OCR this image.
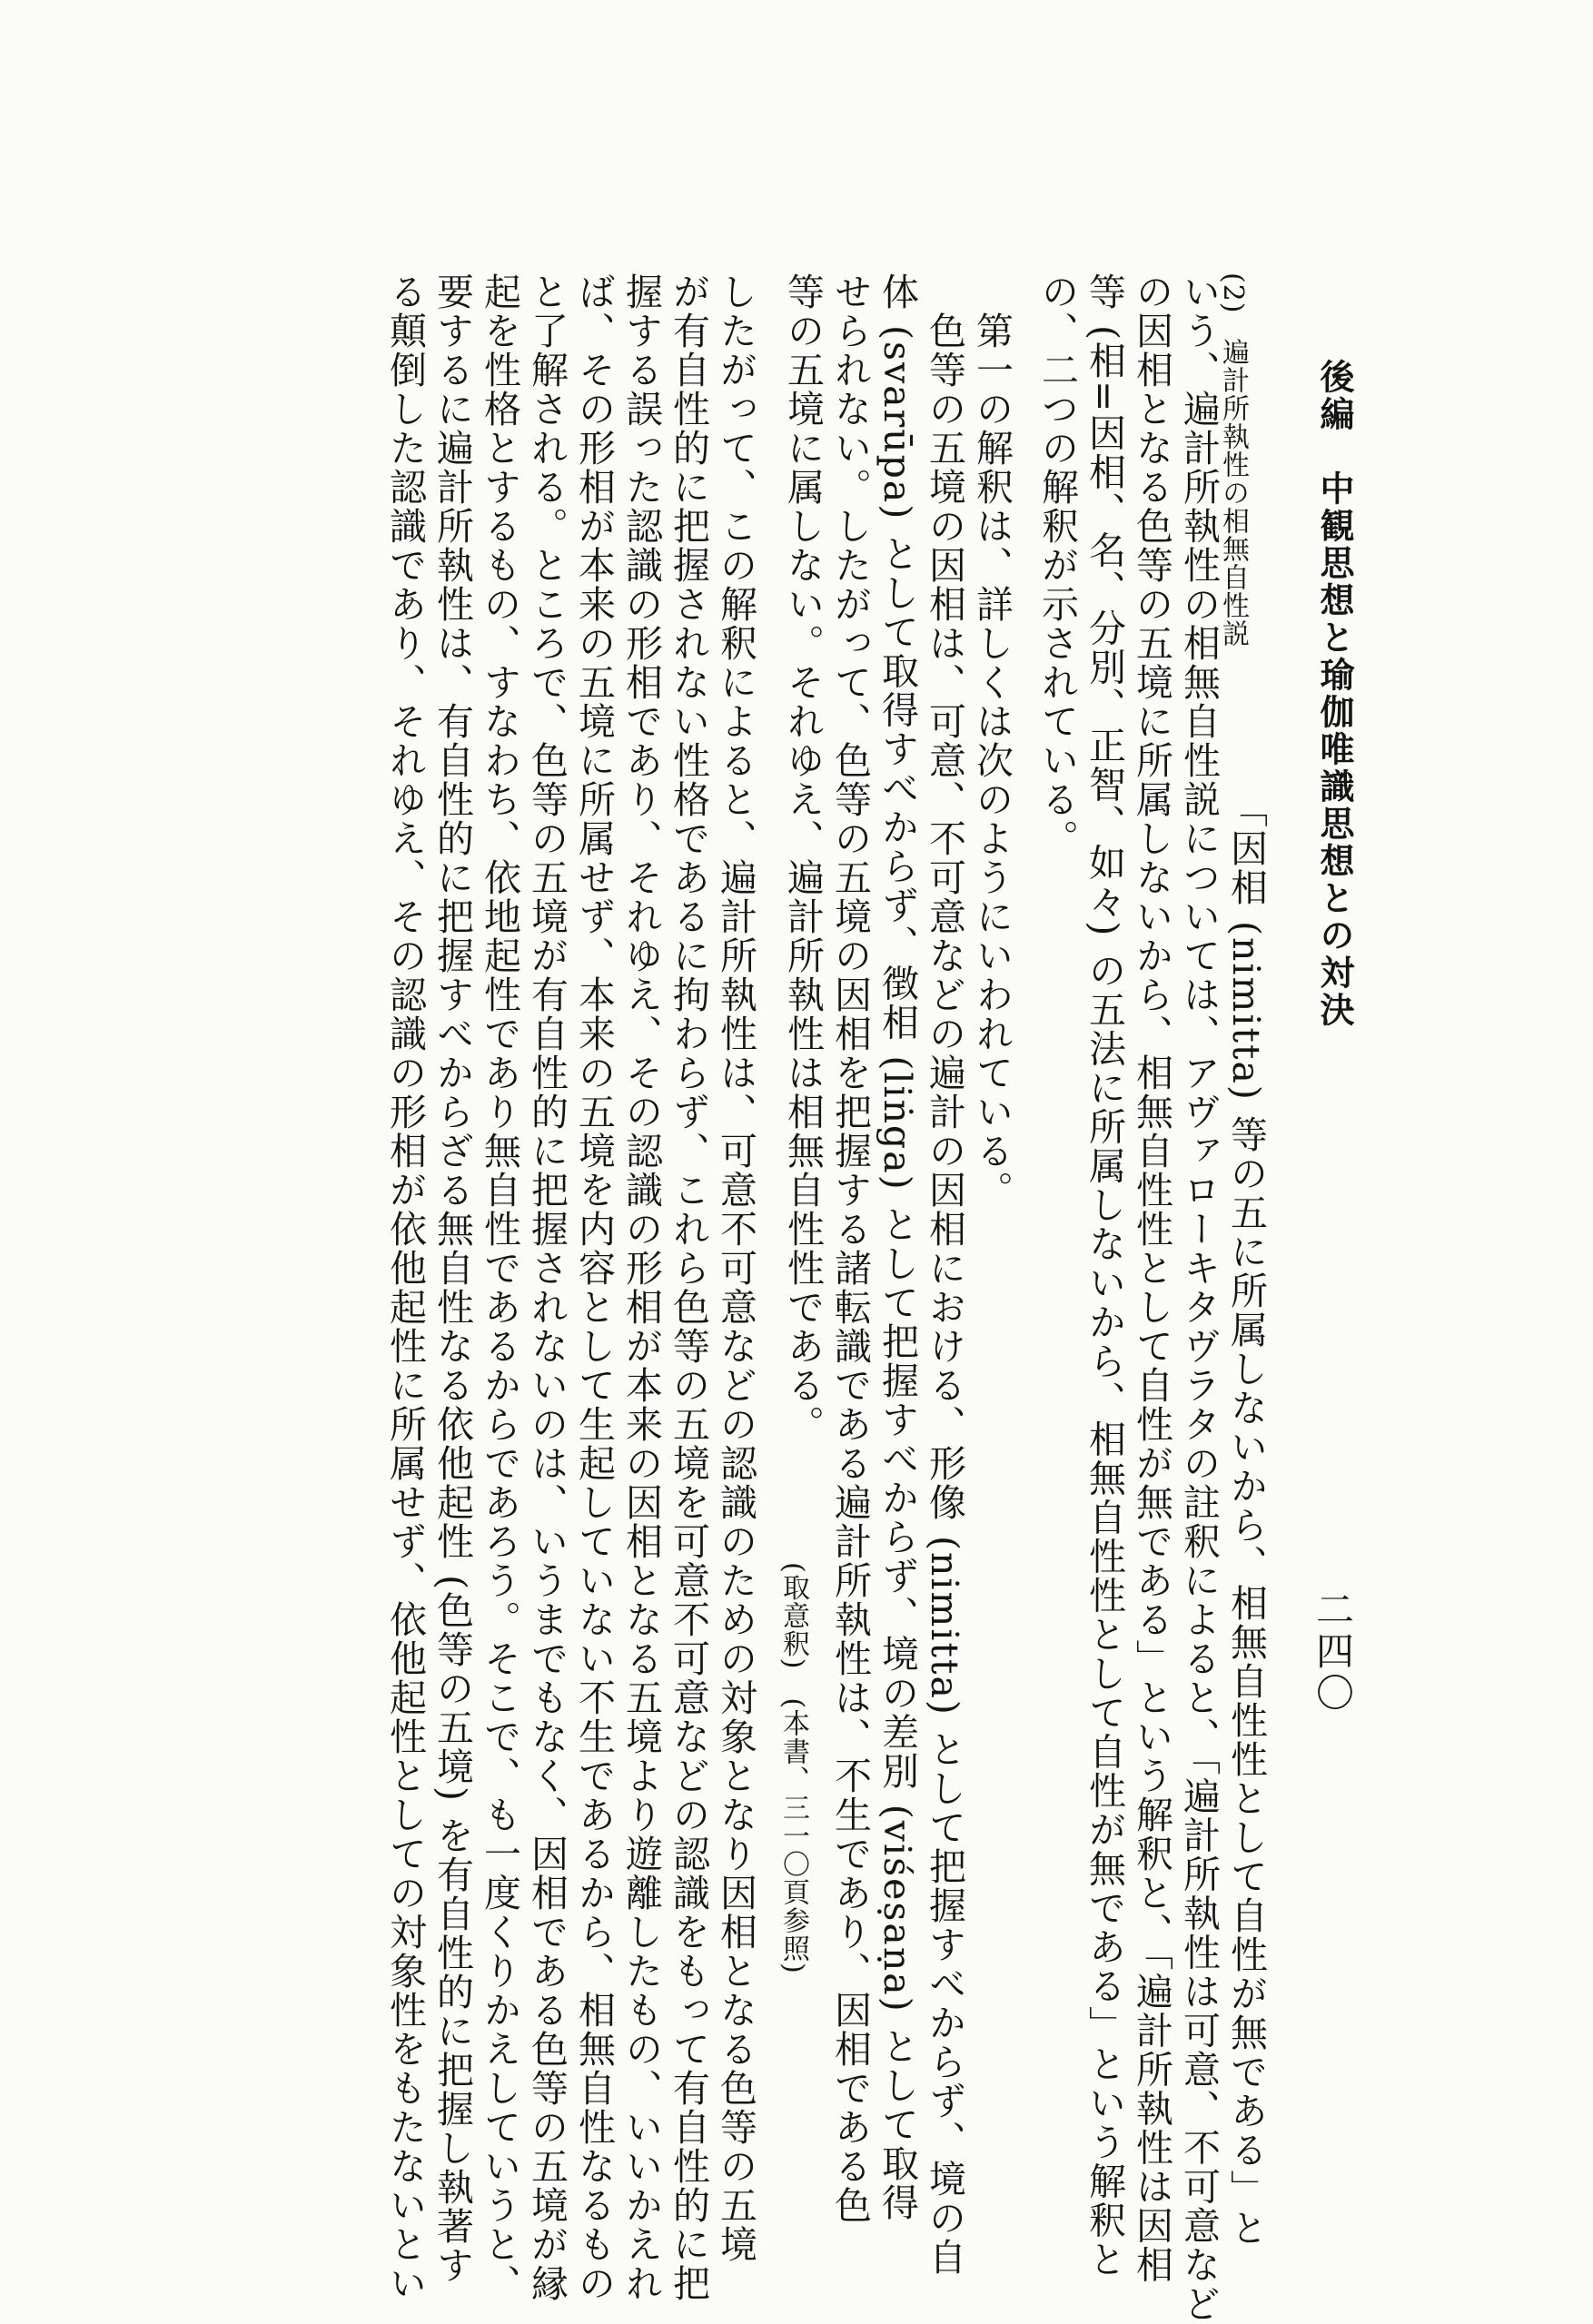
後編　中観思想と瑜伽唯識思想との対決
二四〇
(2)
遍計所執性の相無自性説
「因相 (nimitta) 等の五に所属しないから、相無自性性として自性が無である」と
いう、遍計所執性の相無自性説については、アヴァローキタヴラタの註釈によると、「遍計所執性は可意、不可意など
の因相となる色等の五境に所属しないから、相無自性性として自性が無である」という解釈と、「遍計所執性は因相
等 (相=因相、名、分別、正智、如々) の五法に所属しないから、相無自性性として自性が無である」という解釈と
の、二つの解釈が示されている。
　第一の解釈は、詳しくは次のようにいわれている。
　色等の五境の因相は、可意、不可意などの遍計の因相における、形像 (nimitta) として把握すべからず、境の自
体 (svarūpa) として取得すべからず、徴相 (liṅga) として把握すべからず、境の差別 (viśeṣaṇa) として取得
せられない。したがって、色等の五境の因相を把握する諸転識である遍計所執性は、不生であり、因相である色
等の五境に属しない。それゆえ、遍計所執性は相無自性性である。
(取意釈)　(本書、三一〇頁参照)
したがって、この解釈によると、遍計所執性は、可意不可意などの認識のための対象となり因相となる色等の五境
が有自性的に把握されない性格であるに拘わらず、これら色等の五境を可意不可意などの認識をもって有自性的に把
握する誤った認識の形相であり、それゆえ、その認識の形相が本来の因相となる五境より遊離したもの、いいかえれ
ば、その形相が本来の五境に所属せず、本来の五境を内容として生起していない不生であるから、相無自性なるもの
と了解される。ところで、色等の五境が有自性的に把握されないのは、いうまでもなく、因相である色等の五境が縁
起を性格とするもの、すなわち、依地起性であり無自性であるからであろう。そこで、も一度くりかえしていうと、
要するに遍計所執性は、有自性的に把握すべからざる無自性なる依他起性 (色等の五境) を有自性的に把握し執著す
る顛倒した認識であり、それゆえ、その認識の形相が依他起性に所属せず、依他起性としての対象性をもたないとい
